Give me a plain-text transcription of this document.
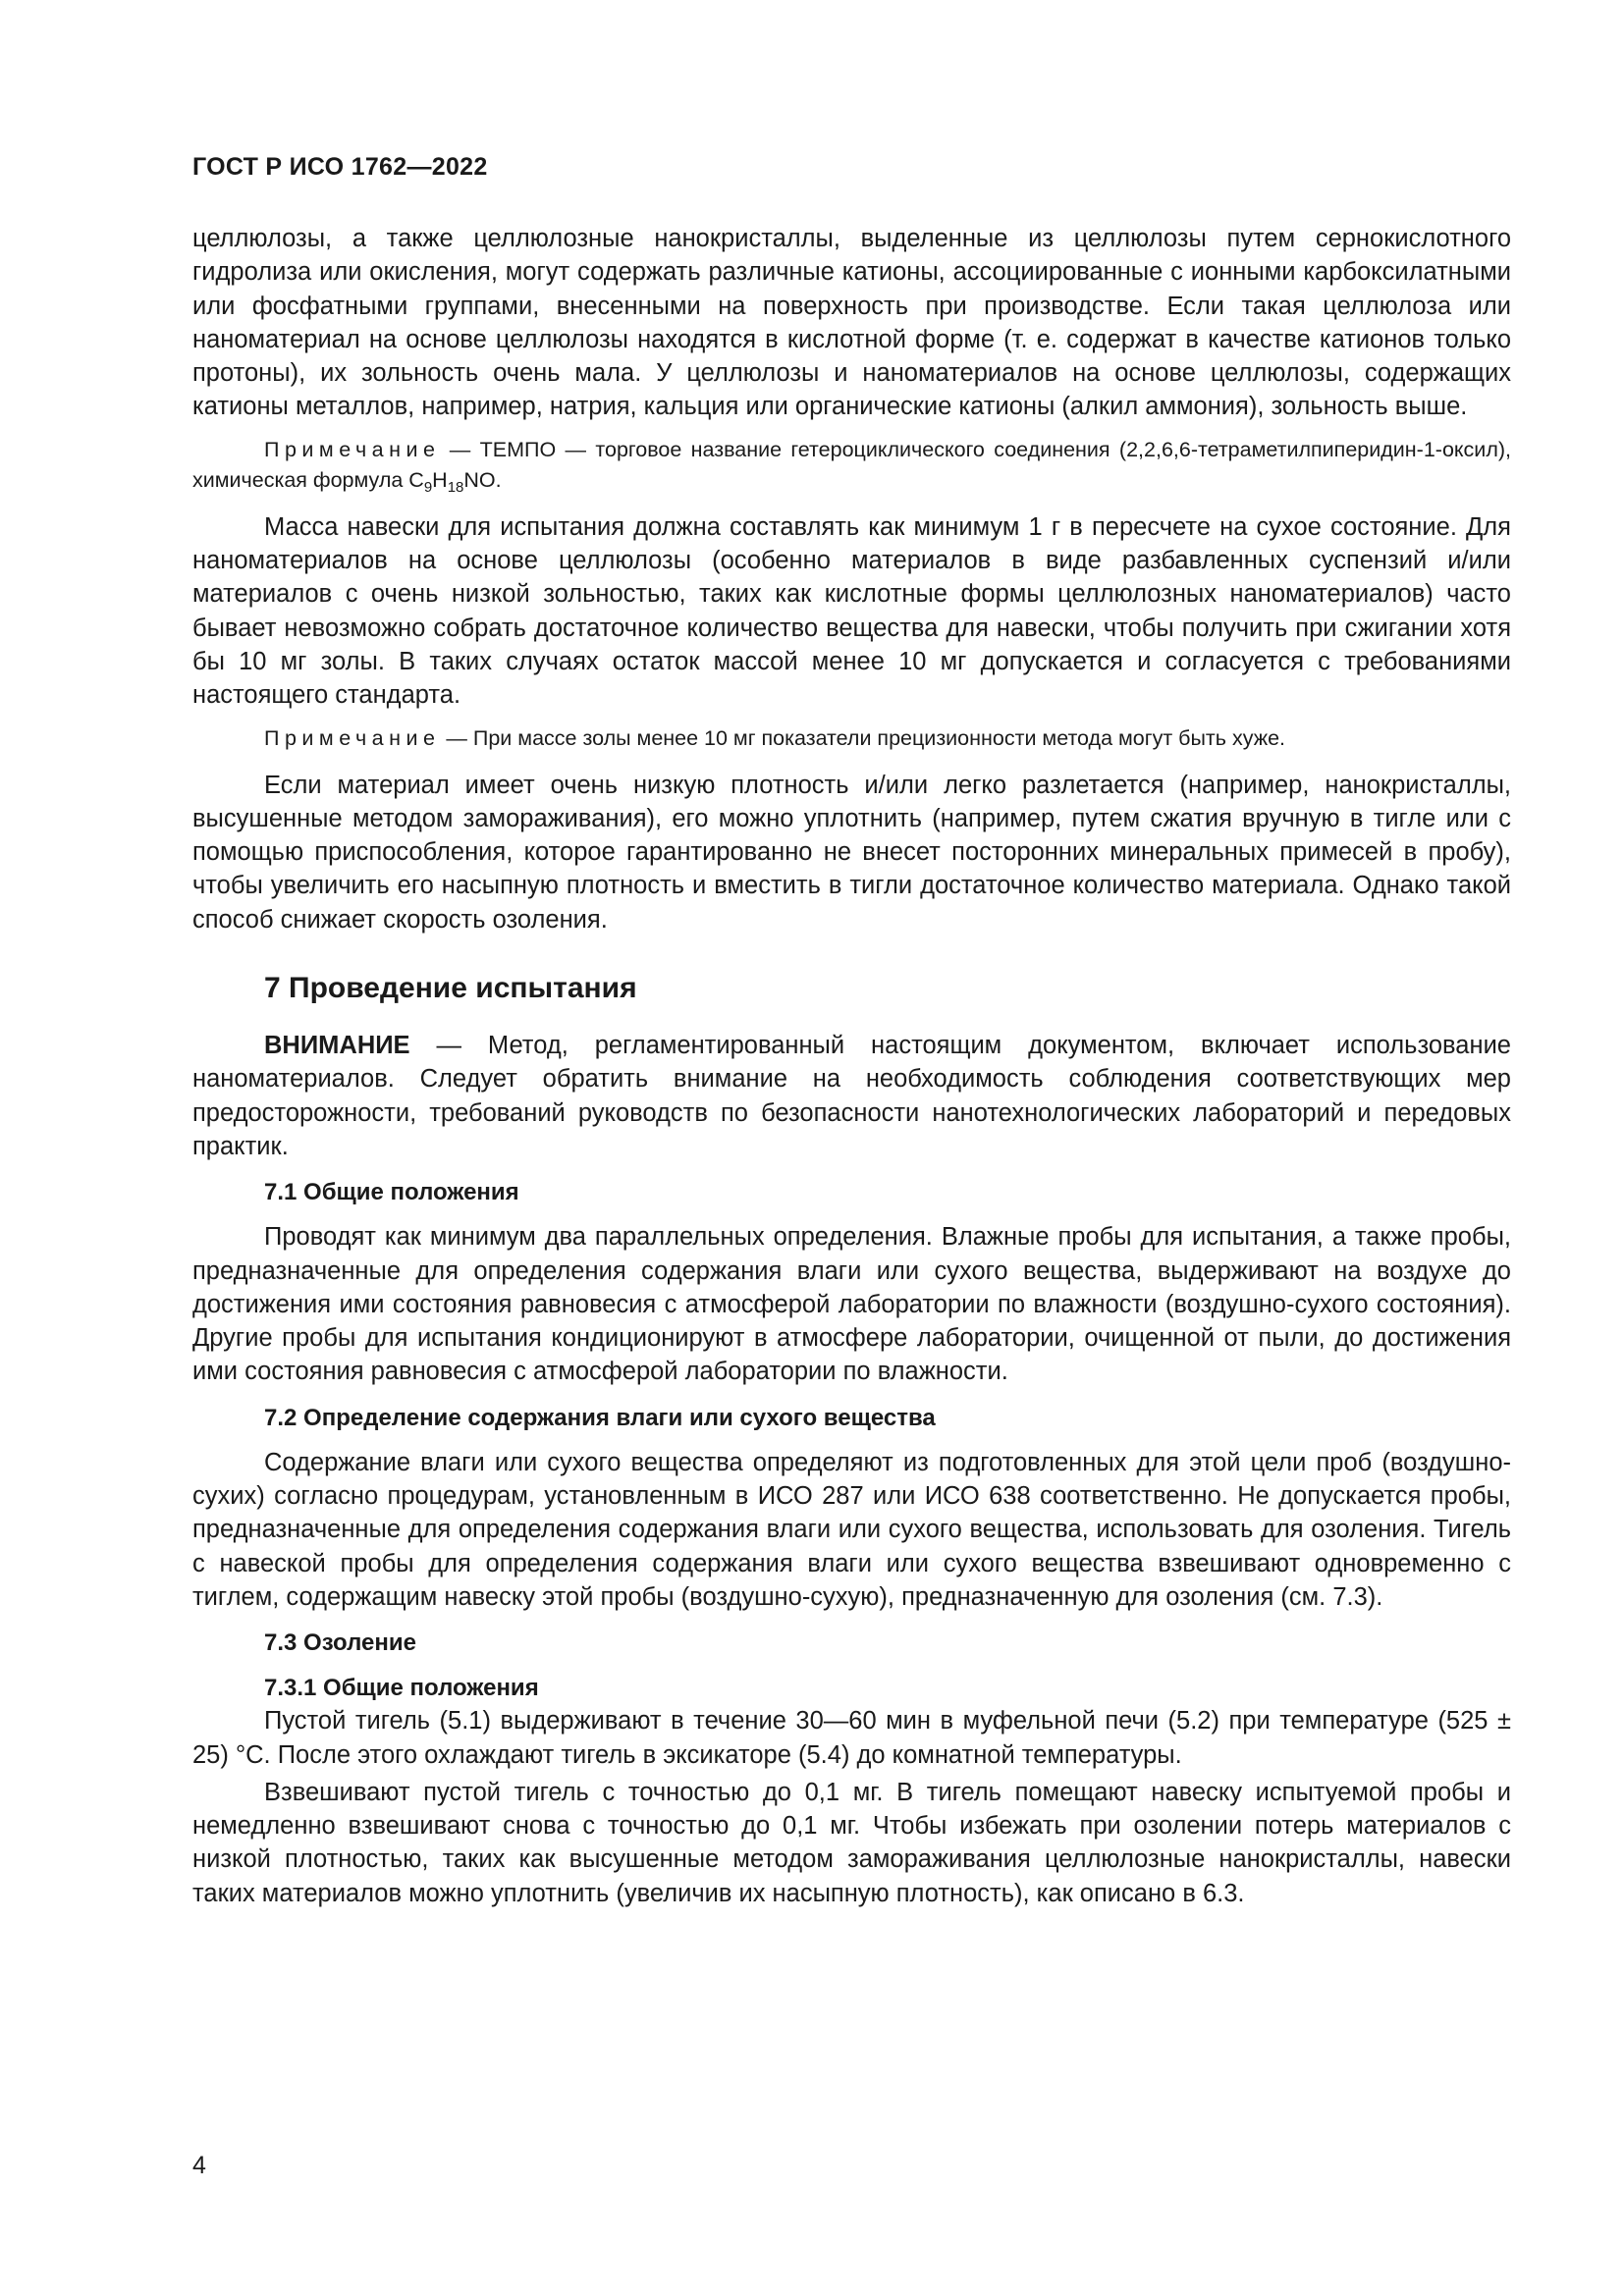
ГОСТ Р ИСО 1762—2022

целлюлозы, а также целлюлозные нанокристаллы, выделенные из целлюлозы путем сернокислотного гидролиза или окисления, могут содержать различные катионы, ассоциированные с ионными карбоксилатными или фосфатными группами, внесенными на поверхность при производстве. Если такая целлюлоза или наноматериал на основе целлюлозы находятся в кислотной форме (т. е. содержат в качестве катионов только протоны), их зольность очень мала. У целлюлозы и наноматериалов на основе целлюлозы, содержащих катионы металлов, например, натрия, кальция или органические катионы (алкил аммония), зольность выше.

Примечание — ТЕМПО — торговое название гетероциклического соединения (2,2,6,6-тетраметилпиперидин-1-оксил), химическая формула $C_9H_{18}NO$.

Масса навески для испытания должна составлять как минимум 1 г в пересчете на сухое состояние. Для наноматериалов на основе целлюлозы (особенно материалов в виде разбавленных суспензий и/или материалов с очень низкой зольностью, таких как кислотные формы целлюлозных наноматериалов) часто бывает невозможно собрать достаточное количество вещества для навески, чтобы получить при сжигании хотя бы 10 мг золы. В таких случаях остаток массой менее 10 мг допускается и согласуется с требованиями настоящего стандарта.

Примечание — При массе золы менее 10 мг показатели прецизионности метода могут быть хуже.

Если материал имеет очень низкую плотность и/или легко разлетается (например, нанокристаллы, высушенные методом замораживания), его можно уплотнить (например, путем сжатия вручную в тигле или с помощью приспособления, которое гарантированно не внесет посторонних минеральных примесей в пробу), чтобы увеличить его насыпную плотность и вместить в тигли достаточное количество материала. Однако такой способ снижает скорость озоления.

7 Проведение испытания

ВНИМАНИЕ — Метод, регламентированный настоящим документом, включает использование наноматериалов. Следует обратить внимание на необходимость соблюдения соответствующих мер предосторожности, требований руководств по безопасности нанотехнологических лабораторий и передовых практик.

7.1 Общие положения

Проводят как минимум два параллельных определения. Влажные пробы для испытания, а также пробы, предназначенные для определения содержания влаги или сухого вещества, выдерживают на воздухе до достижения ими состояния равновесия с атмосферой лаборатории по влажности (воздушно-сухого состояния). Другие пробы для испытания кондиционируют в атмосфере лаборатории, очищенной от пыли, до достижения ими состояния равновесия с атмосферой лаборатории по влажности.

7.2 Определение содержания влаги или сухого вещества

Содержание влаги или сухого вещества определяют из подготовленных для этой цели проб (воздушно-сухих) согласно процедурам, установленным в ИСО 287 или ИСО 638 соответственно. Не допускается пробы, предназначенные для определения содержания влаги или сухого вещества, использовать для озоления. Тигель с навеской пробы для определения содержания влаги или сухого вещества взвешивают одновременно с тиглем, содержащим навеску этой пробы (воздушно-сухую), предназначенную для озоления (см. 7.3).

7.3 Озоление
7.3.1 Общие положения

Пустой тигель (5.1) выдерживают в течение 30—60 мин в муфельной печи (5.2) при температуре (525 ± 25) °С. После этого охлаждают тигель в эксикаторе (5.4) до комнатной температуры.

Взвешивают пустой тигель с точностью до 0,1 мг. В тигель помещают навеску испытуемой пробы и немедленно взвешивают снова с точностью до 0,1 мг. Чтобы избежать при озолении потерь материалов с низкой плотностью, таких как высушенные методом замораживания целлюлозные нанокристаллы, навески таких материалов можно уплотнить (увеличив их насыпную плотность), как описано в 6.3.

4
